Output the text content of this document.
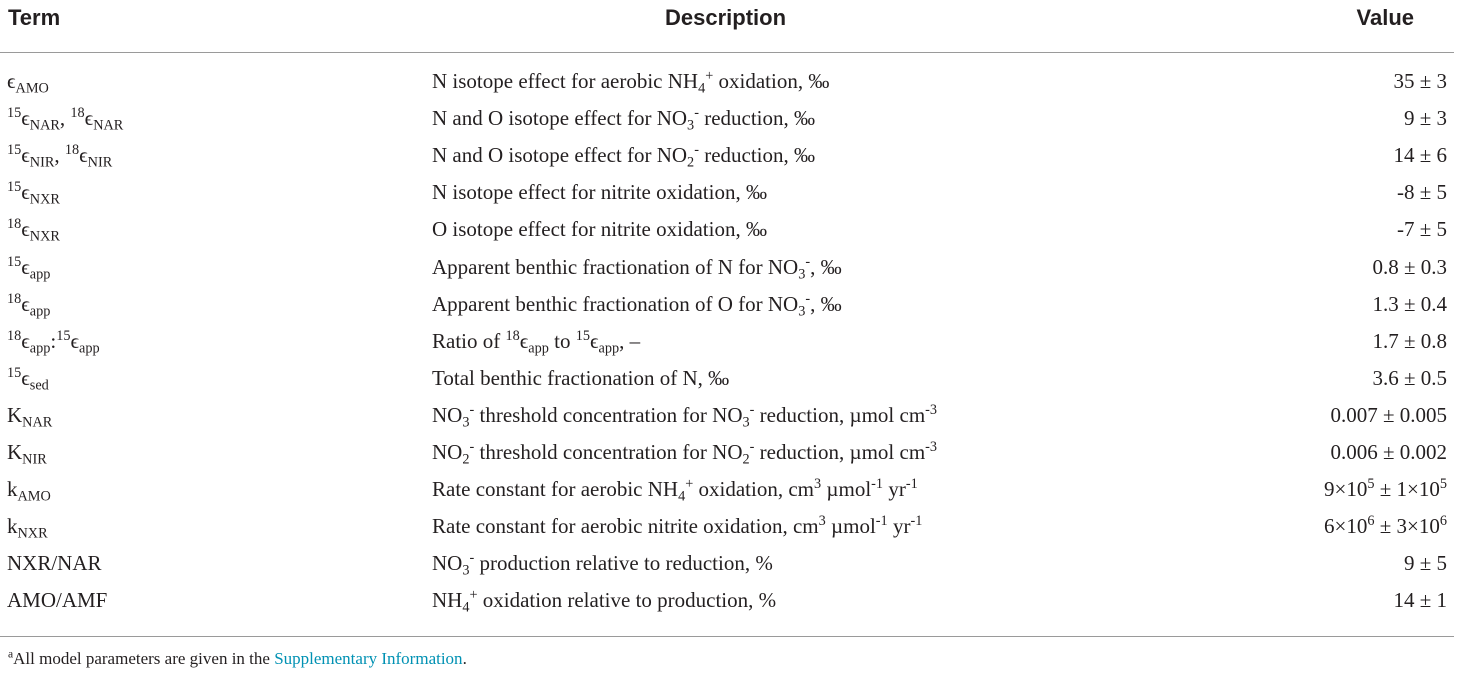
Term	Description	Value
$\epsilon_{AMO}$	N isotope effect for aerobic $NH_4^+$ oxidation, ‰	35 ± 3
$^{15}\epsilon_{NAR}$, $^{18}\epsilon_{NAR}$	N and O isotope effect for $NO_3^-$ reduction, ‰	9 ± 3
$^{15}\epsilon_{NIR}$, $^{18}\epsilon_{NIR}$	N and O isotope effect for $NO_2^-$ reduction, ‰	14 ± 6
$^{15}\epsilon_{NXR}$	N isotope effect for nitrite oxidation, ‰	-8 ± 5
$^{18}\epsilon_{NXR}$	O isotope effect for nitrite oxidation, ‰	-7 ± 5
$^{15}\epsilon_{app}$	Apparent benthic fractionation of N for $NO_3^-$, ‰	0.8 ± 0.3
$^{18}\epsilon_{app}$	Apparent benthic fractionation of O for $NO_3^-$, ‰	1.3 ± 0.4
$^{18}\epsilon_{app}:^{15}\epsilon_{app}$	Ratio of $^{18}\epsilon_{app}$ to $^{15}\epsilon_{app}$, –	1.7 ± 0.8
$^{15}\epsilon_{sed}$	Total benthic fractionation of N, ‰	3.6 ± 0.5
$K_{NAR}$	$NO_3^-$ threshold concentration for $NO_3^-$ reduction, µmol $cm^{-3}$	0.007 ± 0.005
$K_{NIR}$	$NO_2^-$ threshold concentration for $NO_2^-$ reduction, µmol $cm^{-3}$	0.006 ± 0.002
$k_{AMO}$	Rate constant for aerobic $NH_4^+$ oxidation, $cm^3$ µmol$^{-1}$ $yr^{-1}$	$9\times 10^5 \pm 1\times 10^5$
$k_{NXR}$	Rate constant for aerobic nitrite oxidation, $cm^3$ µmol$^{-1}$ $yr^{-1}$	$6\times 10^6 \pm 3\times 10^6$
NXR/NAR	$NO_3^-$ production relative to reduction, %	9 ± 5
AMO/AMF	$NH_4^+$ oxidation relative to production, %	14 ± 1
$^a$All model parameters are given in the Supplementary Information.
